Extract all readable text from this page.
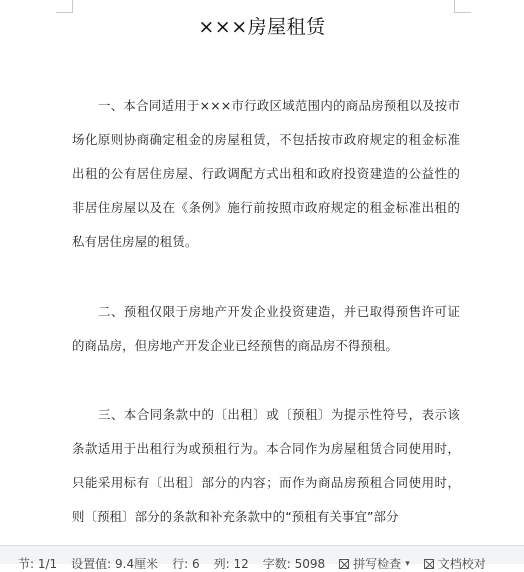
×××房屋租赁

一、本合同适用于×××市行政区域范围内的商品房预租以及按市场化原则协商确定租金的房屋租赁，不包括按市政府规定的租金标准出租的公有居住房屋、行政调配方式出租和政府投资建造的公益性的非居住房屋以及在《条例》施行前按照市政府规定的租金标准出租的私有居住房屋的租赁。

二、预租仅限于房地产开发企业投资建造，并已取得预售许可证的商品房，但房地产开发企业已经预售的商品房不得预租。

三、本合同条款中的〔出租〕或〔预租〕为提示性符号，表示该条款适用于出租行为或预租行为。本合同作为房屋租赁合同使用时，只能采用标有〔出租〕部分的内容；而作为商品房预租合同使用时，则〔预租〕部分的条款和补充条款中的“预租有关事宜”部分

节: 1/1 设置值: 9.4厘米 行: 6 列: 12 字数: 5098 拼写检查 ▾ 文档校对
